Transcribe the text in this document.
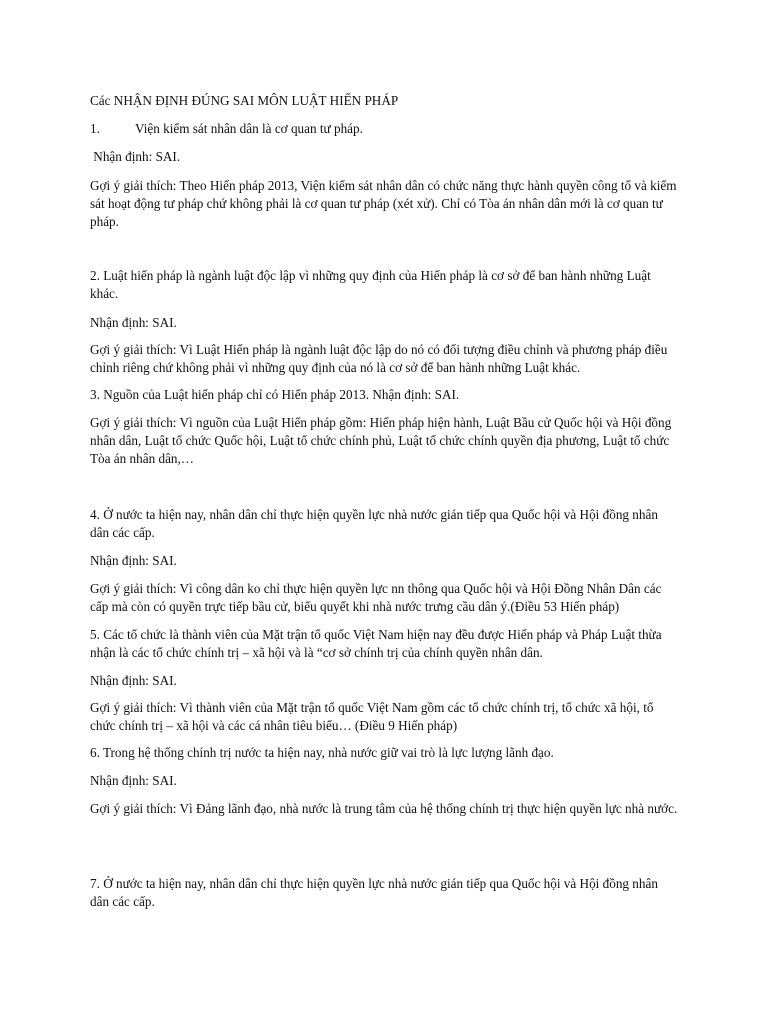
Các NHẬN ĐỊNH ĐÚNG SAI MÔN LUẬT HIẾN PHÁP

1.	Viện kiểm sát nhân dân là cơ quan tư pháp.

Nhận định: SAI.

Gợi ý giải thích: Theo Hiến pháp 2013, Viện kiểm sát nhân dân có chức năng thực hành quyền công tố và kiểm sát hoạt động tư pháp chứ không phải là cơ quan tư pháp (xét xử). Chỉ có Tòa án nhân dân mới là cơ quan tư pháp.

2. Luật hiến pháp là ngành luật độc lập vì những quy định của Hiến pháp là cơ sở để ban hành những Luật khác.

Nhận định: SAI.

Gợi ý giải thích: Vì Luật Hiến pháp là ngành luật độc lập do nó có đối tượng điều chỉnh và phương pháp điều chỉnh riêng chứ không phải vì những quy định của nó là cơ sở để ban hành những Luật khác.

3. Nguồn của Luật hiến pháp chỉ có Hiến pháp 2013. Nhận định: SAI.

Gợi ý giải thích: Vì nguồn của Luật Hiến pháp gồm: Hiến pháp hiện hành, Luật Bầu cử Quốc hội và Hội đồng nhân dân, Luật tổ chức Quốc hội, Luật tổ chức chính phủ, Luật tổ chức chính quyền địa phương, Luật tổ chức Tòa án nhân dân,…

4. Ở nước ta hiện nay, nhân dân chỉ thực hiện quyền lực nhà nước gián tiếp qua Quốc hội và Hội đồng nhân dân các cấp.

Nhận định: SAI.

Gợi ý giải thích: Vì công dân ko chỉ thực hiện quyền lực nn thông qua Quốc hội và Hội Đồng Nhân Dân các cấp mà còn có quyền trực tiếp bầu cử, biểu quyết khi nhà nước trưng cầu dân ý.(Điều 53 Hiến pháp)

5. Các tổ chức là thành viên của Mặt trận tổ quốc Việt Nam hiện nay đều được Hiến pháp và Pháp Luật thừa nhận là các tổ chức chính trị – xã hội và là “cơ sở chính trị của chính quyền nhân dân.

Nhận định: SAI.

Gợi ý giải thích: Vì thành viên của Mặt trận tổ quốc Việt Nam gồm các tổ chức chính trị, tổ chức xã hội, tổ chức chính trị – xã hội và các cá nhân tiêu biểu… (Điều 9 Hiến pháp)

6. Trong hệ thống chính trị nước ta hiện nay, nhà nước giữ vai trò là lực lượng lãnh đạo.

Nhận định: SAI.

Gợi ý giải thích: Vì Đảng lãnh đạo, nhà nước là trung tâm của hệ thống chính trị thực hiện quyền lực nhà nước.

7. Ở nước ta hiện nay, nhân dân chỉ thực hiện quyền lực nhà nước gián tiếp qua Quốc hội và Hội đồng nhân dân các cấp.
